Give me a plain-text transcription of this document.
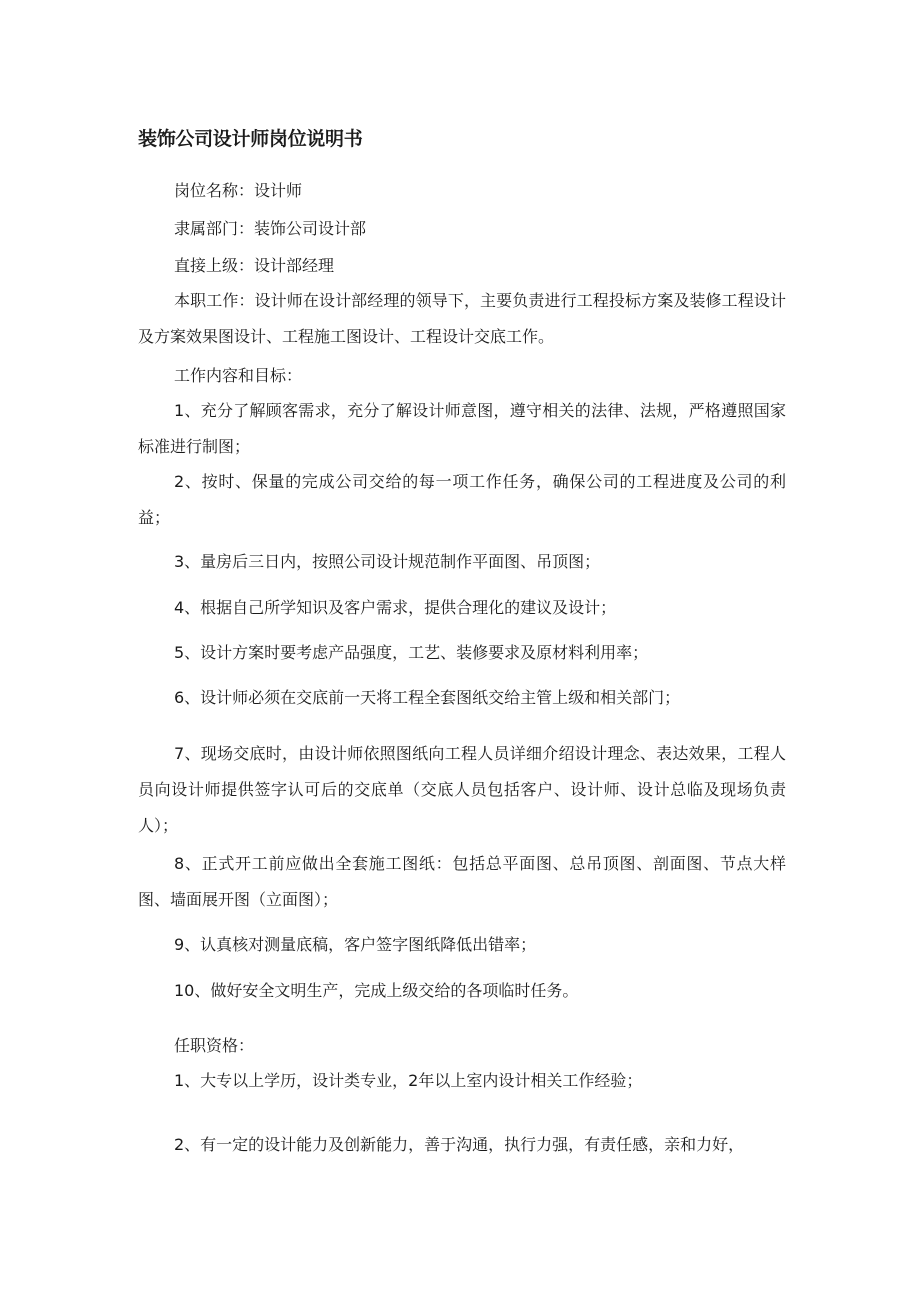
装饰公司设计师岗位说明书
岗位名称：设计师
隶属部门：装饰公司设计部
直接上级：设计部经理
本职工作：设计师在设计部经理的领导下，主要负责进行工程投标方案及装修工程设计及方案效果图设计、工程施工图设计、工程设计交底工作。
工作内容和目标：
1、充分了解顾客需求，充分了解设计师意图，遵守相关的法律、法规，严格遵照国家标准进行制图；
2、按时、保量的完成公司交给的每一项工作任务，确保公司的工程进度及公司的利益；
3、量房后三日内，按照公司设计规范制作平面图、吊顶图；
4、根据自己所学知识及客户需求，提供合理化的建议及设计；
5、设计方案时要考虑产品强度，工艺、装修要求及原材料利用率；
6、设计师必须在交底前一天将工程全套图纸交给主管上级和相关部门；
7、现场交底时，由设计师依照图纸向工程人员详细介绍设计理念、表达效果，工程人员向设计师提供签字认可后的交底单（交底人员包括客户、设计师、设计总临及现场负责人）；
8、正式开工前应做出全套施工图纸：包括总平面图、总吊顶图、剖面图、节点大样图、墙面展开图（立面图）；
9、认真核对测量底稿，客户签字图纸降低出错率；
10、做好安全文明生产，完成上级交给的各项临时任务。
任职资格：
1、大专以上学历，设计类专业，2年以上室内设计相关工作经验；
2、有一定的设计能力及创新能力，善于沟通，执行力强，有责任感，亲和力好，
